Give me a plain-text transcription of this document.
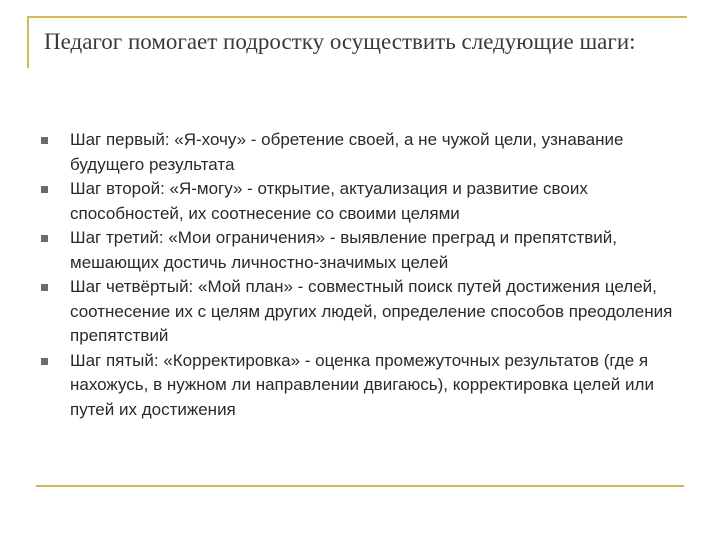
Педагог помогает подростку осуществить следующие шаги:
Шаг первый: «Я-хочу» - обретение своей, а не чужой цели, узнавание будущего результата
Шаг второй: «Я-могу» - открытие, актуализация и развитие своих способностей, их соотнесение со своими целями
Шаг третий: «Мои ограничения» - выявление преград и препятствий, мешающих достичь личностно-значимых целей
Шаг четвёртый: «Мой план» - совместный поиск путей достижения целей, соотнесение их с целям других людей, определение способов преодоления препятствий
Шаг пятый: «Корректировка» - оценка промежуточных результатов (где я нахожусь, в нужном ли направлении двигаюсь), корректировка целей или путей их достижения
